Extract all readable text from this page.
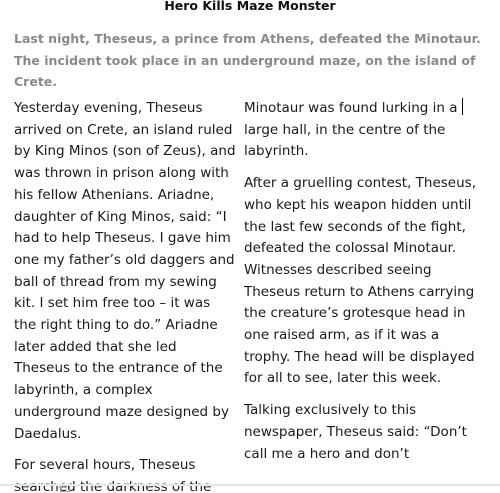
Hero Kills Maze Monster

Last night, Theseus, a prince from Athens, defeated the Minotaur. The incident took place in an underground maze, on the island of Crete.

Yesterday evening, Theseus arrived on Crete, an island ruled by King Minos (son of Zeus), and was thrown in prison along with his fellow Athenians. Ariadne, daughter of King Minos, said: “I had to help Theseus. I gave him one my father’s old daggers and ball of thread from my sewing kit. I set him free too – it was the right thing to do.” Ariadne later added that she led Theseus to the entrance of the labyrinth, a complex underground maze designed by Daedalus.

For several hours, Theseus

Minotaur was found lurking in a large hall, in the centre of the labyrinth.

After a gruelling contest, Theseus, who kept his weapon hidden until the last few seconds of the fight, defeated the colossal Minotaur. Witnesses described seeing Theseus return to Athens carrying the creature’s grotesque head in one raised arm, as if it was a trophy. The head will be displayed for all to see, later this week.

Talking exclusively to this newspaper, Theseus said: “Don’t call me a hero and don’t
